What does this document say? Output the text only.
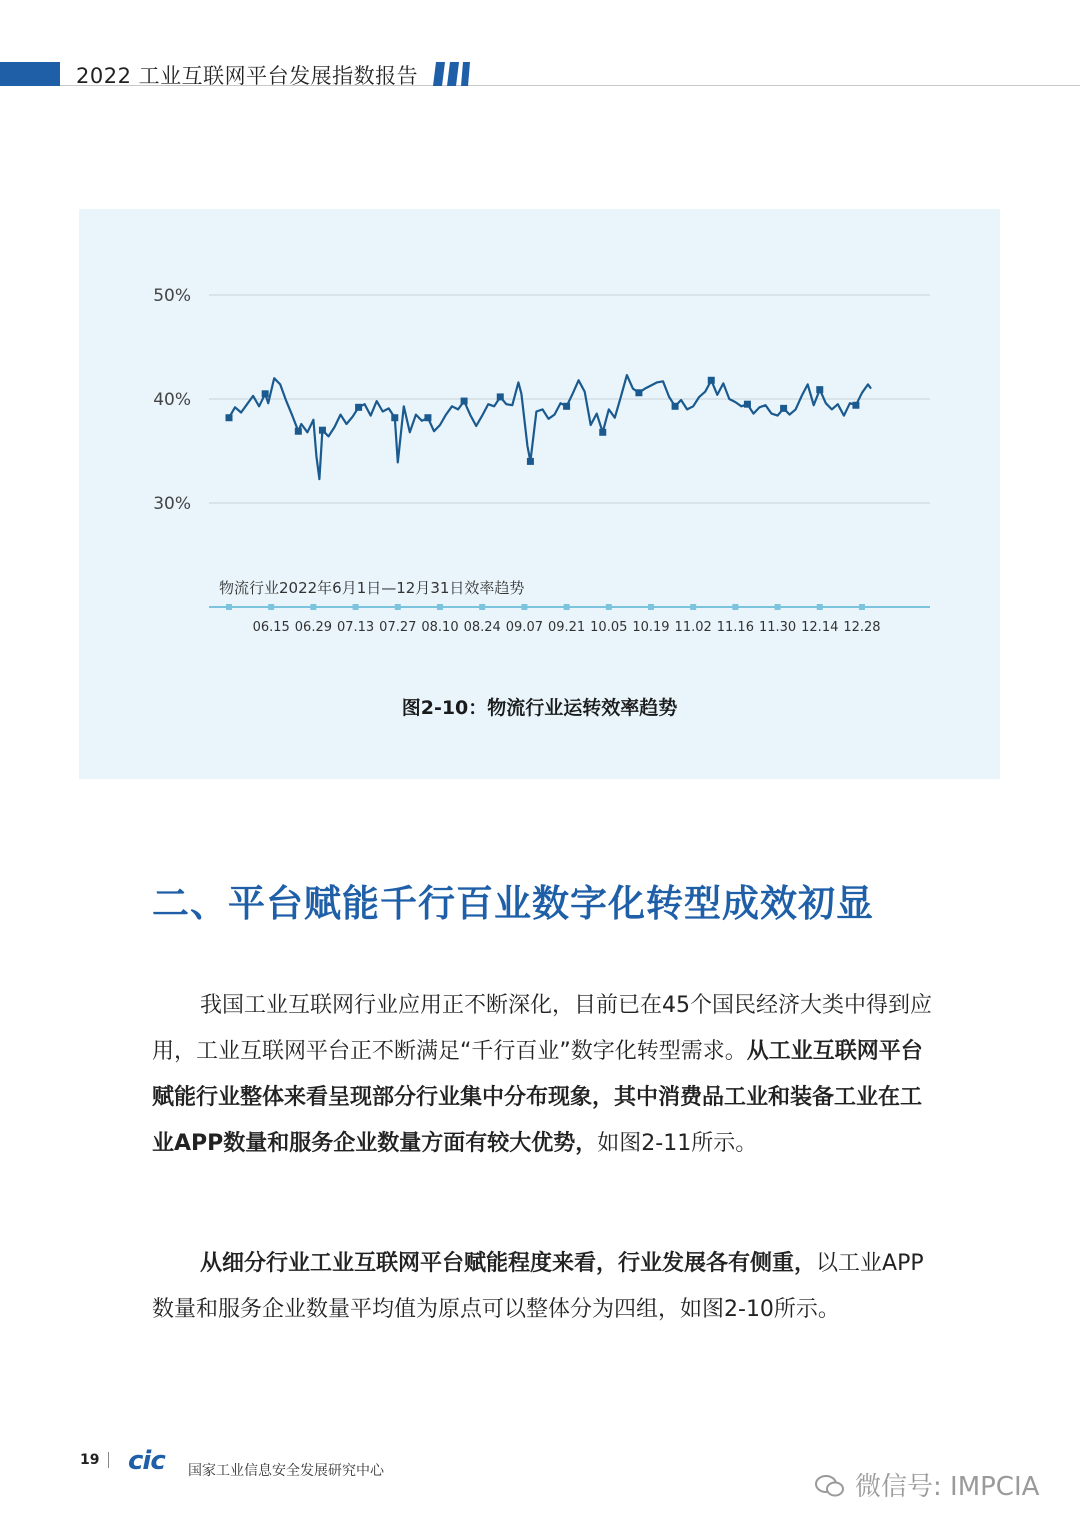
2022 工业互联网平台发展指数报告
50%
40%
30%
物流行业2022年6月1日—12月31日效率趋势
06.15 06.29 07.13 07.27 08.10 08.24 09.07 09.21 10.05 10.19 11.02 11.16 11.30 12.14 12.28
图2-10：物流行业运转效率趋势
二、平台赋能千行百业数字化转型成效初显
我国工业互联网行业应用正不断深化，目前已在45个国民经济大类中得到应用，工业互联网平台正不断满足“千行百业”数字化转型需求。从工业互联网平台赋能行业整体来看呈现部分行业集中分布现象，其中消费品工业和装备工业在工业APP数量和服务企业数量方面有较大优势，如图2-11所示。
从细分行业工业互联网平台赋能程度来看，行业发展各有侧重，以工业APP数量和服务企业数量平均值为原点可以整体分为四组，如图2-10所示。
19 cic 国家工业信息安全发展研究中心
微信号: IMPCIA
